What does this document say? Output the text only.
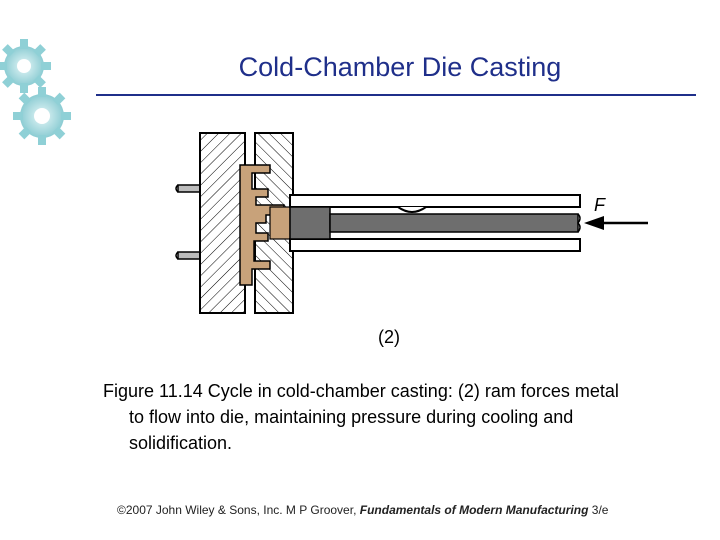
Cold‑Chamber Die Casting
F
(2)
Figure 11.14 Cycle in cold‑chamber casting: (2) ram forces metal
to flow into die, maintaining pressure during cooling and
solidification.
©2007 John Wiley & Sons, Inc. M P Groover, Fundamentals of Modern Manufacturing 3/e
